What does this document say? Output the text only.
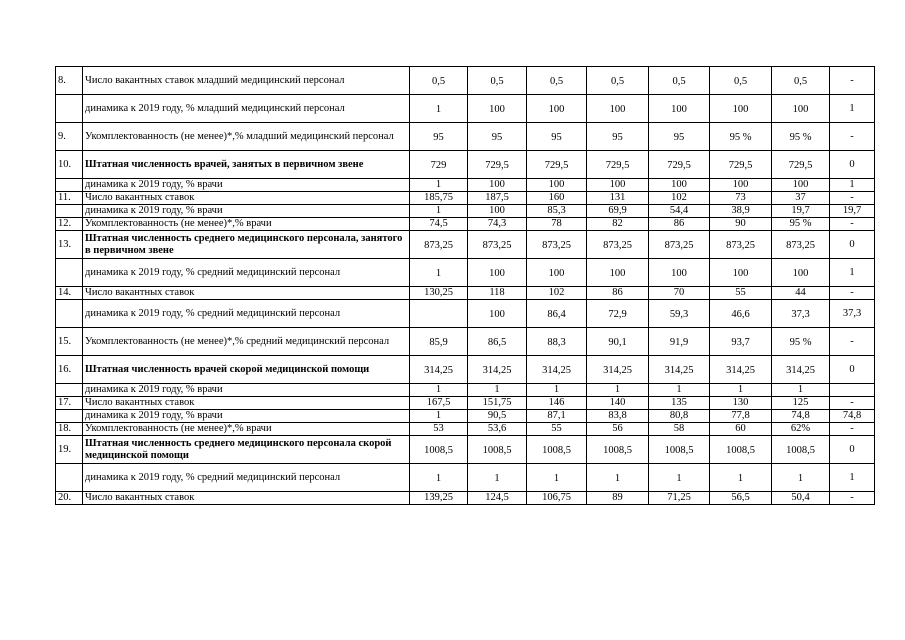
8.	Число вакантных ставок младший медицинский персонал	0,5	0,5	0,5	0,5	0,5	0,5	0,5	-
	динамика к 2019 году, % младший медицинский персонал	1	100	100	100	100	100	100	1
9.	Укомплектованность (не менее)*,% младший медицинский персонал	95	95	95	95	95	95 %	95 %	-
10.	Штатная численность врачей, занятых в первичном звене	729	729,5	729,5	729,5	729,5	729,5	729,5	0
	динамика к 2019 году, % врачи	1	100	100	100	100	100	100	1
11.	Число вакантных ставок	185,75	187,5	160	131	102	73	37	-
	динамика к 2019 году, % врачи	1	100	85,3	69,9	54,4	38,9	19,7	19,7
12.	Укомплектованность (не менее)*,% врачи	74,5	74,3	78	82	86	90	95 %	-
13.	Штатная численность среднего медицинского персонала, занятого в первичном звене	873,25	873,25	873,25	873,25	873,25	873,25	873,25	0
	динамика к 2019 году, % средний медицинский персонал	1	100	100	100	100	100	100	1
14.	Число вакантных ставок	130,25	118	102	86	70	55	44	-
	динамика к 2019 году, % средний медицинский персонал		100	86,4	72,9	59,3	46,6	37,3	37,3
15.	Укомплектованность (не менее)*,% средний медицинский персонал	85,9	86,5	88,3	90,1	91,9	93,7	95 %	-
16.	Штатная численность врачей скорой медицинской помощи	314,25	314,25	314,25	314,25	314,25	314,25	314,25	0
	динамика к 2019 году, % врачи	1	1	1	1	1	1	1	
17.	Число вакантных ставок	167,5	151,75	146	140	135	130	125	-
	динамика к 2019 году, % врачи	1	90,5	87,1	83,8	80,8	77,8	74,8	74,8
18.	Укомплектованность (не менее)*,% врачи	53	53,6	55	56	58	60	62%	-
19.	Штатная численность среднего медицинского персонала скорой медицинской помощи	1008,5	1008,5	1008,5	1008,5	1008,5	1008,5	1008,5	0
	динамика к 2019 году, % средний медицинский персонал	1	1	1	1	1	1	1	1
20.	Число вакантных ставок	139,25	124,5	106,75	89	71,25	56,5	50,4	-
